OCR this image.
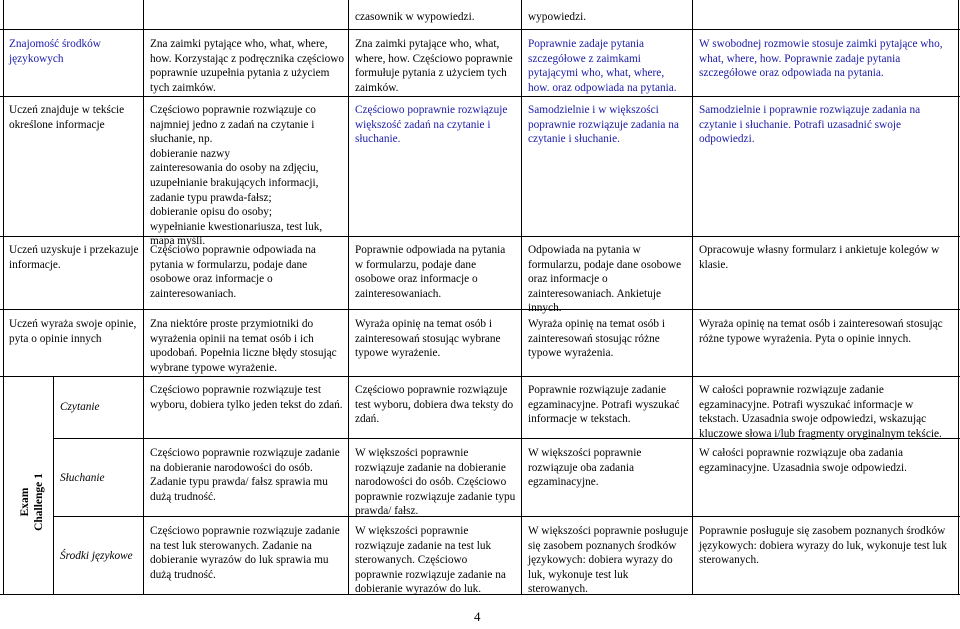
czasownik w wypowiedzi.	wypowiedzi.
Znajomość środków
językowych
Zna zaimki pytające who, what, where,
how. Korzystając z podręcznika częściowo
poprawnie uzupełnia pytania z użyciem
tych zaimków.
Zna zaimki pytające who, what,
where, how. Częściowo poprawnie
formułuje pytania z użyciem tych
zaimków.
Poprawnie zadaje pytania
szczegółowe z zaimkami
pytającymi who, what, where,
how. oraz odpowiada na pytania.
W swobodnej rozmowie stosuje zaimki pytające who,
what, where, how. Poprawnie zadaje pytania
szczegółowe oraz odpowiada na pytania.
Uczeń znajduje w tekście
określone informacje
Częściowo poprawnie rozwiązuje co
najmniej jedno z zadań na czytanie i
słuchanie, np.
dobieranie nazwy
zainteresowania do osoby na zdjęciu,
uzupełnianie brakujących informacji,
zadanie typu prawda-fałsz;
dobieranie opisu do osoby;
wypełnianie kwestionariusza, test luk,
mapa myśli.
Częściowo poprawnie rozwiązuje
większość zadań na czytanie i
słuchanie.
Samodzielnie i w większości
poprawnie rozwiązuje zadania na
czytanie i słuchanie.
Samodzielnie i poprawnie rozwiązuje zadania na
czytanie i słuchanie. Potrafi uzasadnić swoje
odpowiedzi.
Uczeń uzyskuje i przekazuje
informacje.
Częściowo poprawnie odpowiada na
pytania w formularzu, podaje dane
osobowe oraz informacje o
zainteresowaniach.
Poprawnie odpowiada na pytania
w formularzu, podaje dane
osobowe oraz informacje o
zainteresowaniach.
Odpowiada na pytania w
formularzu, podaje dane osobowe
oraz informacje o
zainteresowaniach. Ankietuje
innych.
Opracowuje własny formularz i ankietuje kolegów w
klasie.
Uczeń wyraża swoje opinie,
pyta o opinie innych
Zna niektóre proste przymiotniki do
wyrażenia opinii na temat osób i ich
upodobań. Popełnia liczne błędy stosując
wybrane typowe wyrażenie.
Wyraża opinię na temat osób i
zainteresowań stosując wybrane
typowe wyrażenie.
Wyraża opinię na temat osób i
zainteresowań stosując różne
typowe wyrażenia.
Wyraża opinię na temat osób i zainteresowań stosując
różne typowe wyrażenia. Pyta o opinie innych.
Exam Challenge 1
Czytanie
Częściowo poprawnie rozwiązuje test
wyboru, dobiera tylko jeden tekst do zdań.
Częściowo poprawnie rozwiązuje
test wyboru, dobiera dwa teksty do
zdań.
Poprawnie rozwiązuje zadanie
egzaminacyjne. Potrafi wyszukać
informacje w tekstach.
W całości poprawnie rozwiązuje zadanie
egzaminacyjne. Potrafi wyszukać informacje w
tekstach. Uzasadnia swoje odpowiedzi, wskazując
kluczowe słowa i/lub fragmenty oryginalnym tekście.
Słuchanie
Częściowo poprawnie rozwiązuje zadanie
na dobieranie narodowości do osób.
Zadanie typu prawda/ fałsz sprawia mu
dużą trudność.
W większości poprawnie
rozwiązuje zadanie na dobieranie
narodowości do osób. Częściowo
poprawnie rozwiązuje zadanie typu
prawda/ fałsz.
W większości poprawnie
rozwiązuje oba zadania
egzaminacyjne.
W całości poprawnie rozwiązuje oba zadania
egzaminacyjne. Uzasadnia swoje odpowiedzi.
Środki językowe
Częściowo poprawnie rozwiązuje zadanie
na test luk sterowanych. Zadanie na
dobieranie wyrazów do luk sprawia mu
dużą trudność.
W większości poprawnie
rozwiązuje zadanie na test luk
sterowanych. Częściowo
poprawnie rozwiązuje zadanie na
dobieranie wyrazów do luk.
W większości poprawnie posługuje
się zasobem poznanych środków
językowych: dobiera wyrazy do
luk, wykonuje test luk
sterowanych.
Poprawnie posługuje się zasobem poznanych środków
językowych: dobiera wyrazy do luk, wykonuje test luk
sterowanych.
4
